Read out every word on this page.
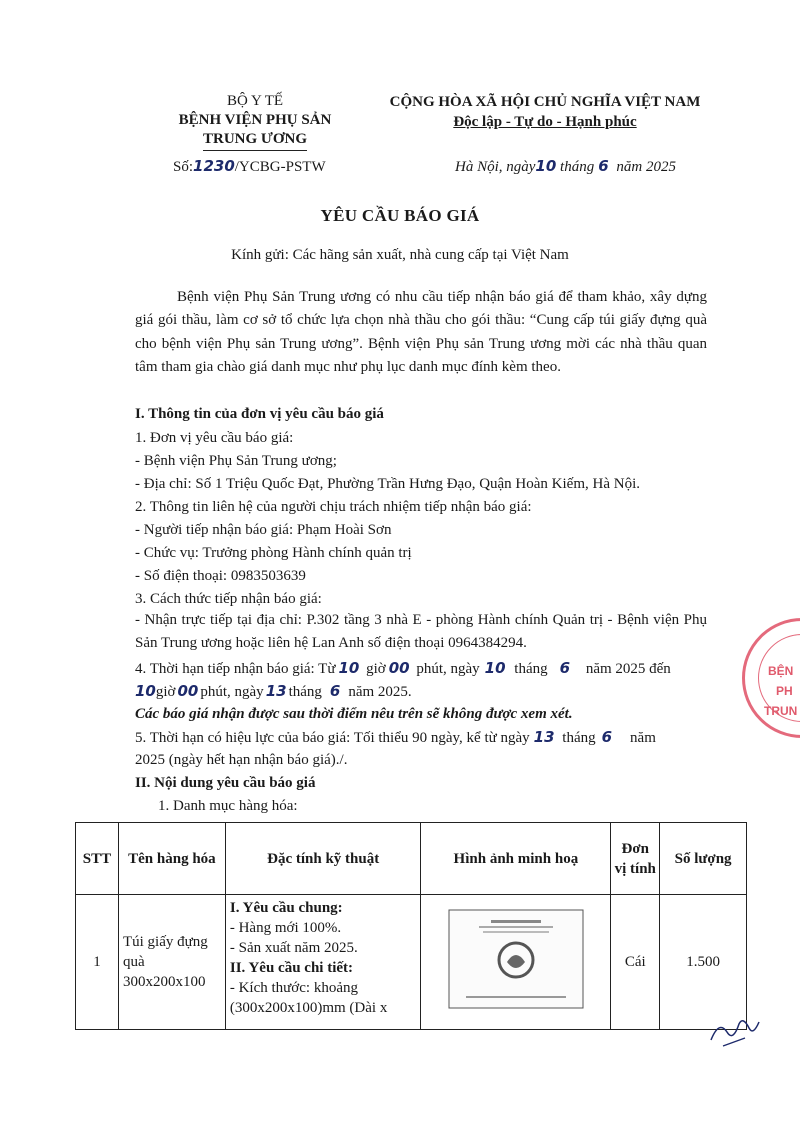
BỘ Y TẾ
BỆNH VIỆN PHỤ SẢN
TRUNG ƯƠNG
Số:1230/YCBG-PSTW
CỘNG HÒA XÃ HỘI CHỦ NGHĨA VIỆT NAM
Độc lập - Tự do - Hạnh phúc
Hà Nội, ngày10 tháng 6 năm 2025
YÊU CẦU BÁO GIÁ
Kính gửi: Các hãng sản xuất, nhà cung cấp tại Việt Nam
Bệnh viện Phụ Sản Trung ương có nhu cầu tiếp nhận báo giá để tham khảo, xây dựng giá gói thầu, làm cơ sở tổ chức lựa chọn nhà thầu cho gói thầu: “Cung cấp túi giấy đựng quà cho bệnh viện Phụ sản Trung ương”. Bệnh viện Phụ sản Trung ương mời các nhà thầu quan tâm tham gia chào giá danh mục như phụ lục danh mục đính kèm theo.
I. Thông tin của đơn vị yêu cầu báo giá
1. Đơn vị yêu cầu báo giá:
- Bệnh viện Phụ Sản Trung ương;
- Địa chỉ: Số 1 Triệu Quốc Đạt, Phường Trần Hưng Đạo, Quận Hoàn Kiếm, Hà Nội.
2. Thông tin liên hệ của người chịu trách nhiệm tiếp nhận báo giá:
- Người tiếp nhận báo giá: Phạm Hoài Sơn
- Chức vụ: Trưởng phòng Hành chính quản trị
- Số điện thoại: 0983503639
3. Cách thức tiếp nhận báo giá:
- Nhận trực tiếp tại địa chỉ: P.302 tầng 3 nhà E - phòng Hành chính Quản trị - Bệnh viện Phụ Sản Trung ương hoặc liên hệ Lan Anh số điện thoại 0964384294.
4. Thời hạn tiếp nhận báo giá: Từ 10 giờ 00 phút, ngày 10 tháng 6 năm 2025 đến
10giờ 00 phút, ngày 13 tháng 6 năm 2025.
Các báo giá nhận được sau thời điểm nêu trên sẽ không được xem xét.
5. Thời hạn có hiệu lực của báo giá: Tối thiểu 90 ngày, kể từ ngày 13 tháng 6 năm
2025 (ngày hết hạn nhận báo giá)./.
II. Nội dung yêu cầu báo giá
1. Danh mục hàng hóa:
STT	Tên hàng hóa	Đặc tính kỹ thuật	Hình ảnh minh hoạ	Đơn vị tính	Số lượng
1	Túi giấy đựng quà 300x200x100	I. Yêu cầu chung:
- Hàng mới 100%.
- Sản xuất năm 2025.
II. Yêu cầu chi tiết:
- Kích thước: khoảng (300x200x100)mm (Dài x		Cái	1.500
BỆN
PH
TRUN
